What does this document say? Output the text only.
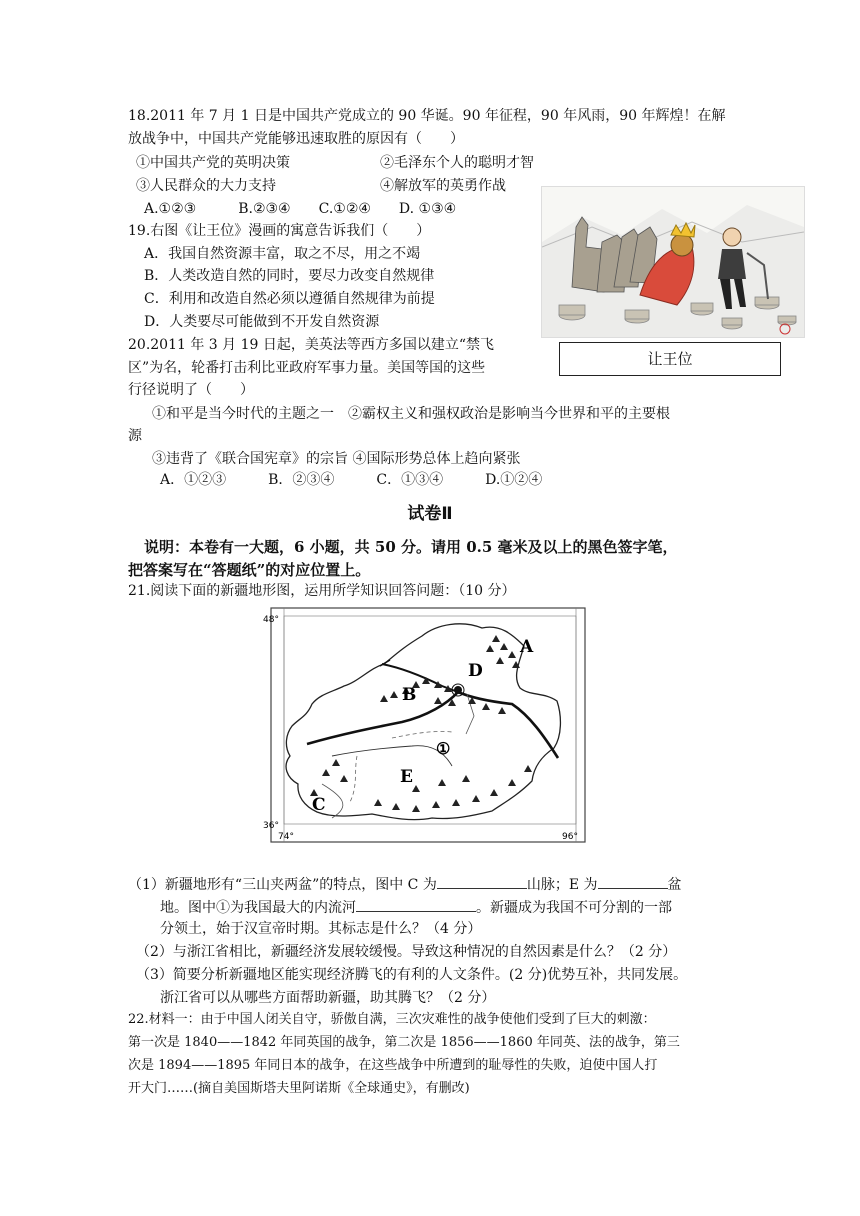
18.2011 年 7 月 1 日是中国共产党成立的 90 华诞。90 年征程，90 年风雨，90 年辉煌！在解
放战争中，中国共产党能够迅速取胜的原因有（　　）
①中国共产党的英明决策	②毛泽东个人的聪明才智
③人民群众的大力支持	④解放军的英勇作战
A.①②③　　　B.②③④　　C.①②④　　D. ①③④
19.右图《让王位》漫画的寓意告诉我们（　　）
A．我国自然资源丰富，取之不尽，用之不竭
B．人类改造自然的同时，要尽力改变自然规律
C．利用和改造自然必须以遵循自然规律为前提
D．人类要尽可能做到不开发自然资源
让王位
20.2011 年 3 月 19 日起，美英法等西方多国以建立“禁飞
区”为名，轮番打击利比亚政府军事力量。美国等国的这些
行径说明了（　　）
①和平是当今时代的主题之一　②霸权主义和强权政治是影响当今世界和平的主要根
源
③违背了《联合国宪章》的宗旨 ④国际形势总体上趋向紧张
A．①②③　　　B．②③④　　　C．①③④　　　D.①②④
试卷Ⅱ
说明：本卷有一大题，6 小题，共 50 分。请用 0.5 毫米及以上的黑色签字笔，
把答案写在“答题纸”的对应位置上。
21.阅读下面的新疆地形图，运用所学知识回答问题：（10 分）
A
D
B
①
E
C
48°
36°
74°	96°
（1）新疆地形有“三山夹两盆”的特点，图中 C 为	山脉；E 为	盆
地。图中①为我国最大的内流河	。新疆成为我国不可分割的一部
分领土，始于汉宣帝时期。其标志是什么？（4 分）
（2）与浙江省相比，新疆经济发展较缓慢。导致这种情况的自然因素是什么？（2 分）
（3）简要分析新疆地区能实现经济腾飞的有利的人文条件。(2 分)优势互补，共同发展。
浙江省可以从哪些方面帮助新疆，助其腾飞？（2 分）
22.材料一：由于中国人闭关自守，骄傲自满，三次灾难性的战争使他们受到了巨大的刺激：
第一次是 1840——1842 年同英国的战争，第二次是 1856——1860 年同英、法的战争，第三
次是 1894——1895 年同日本的战争，在这些战争中所遭到的耻辱性的失败，迫使中国人打
开大门……(摘自美国斯塔夫里阿诺斯《全球通史》，有删改)
